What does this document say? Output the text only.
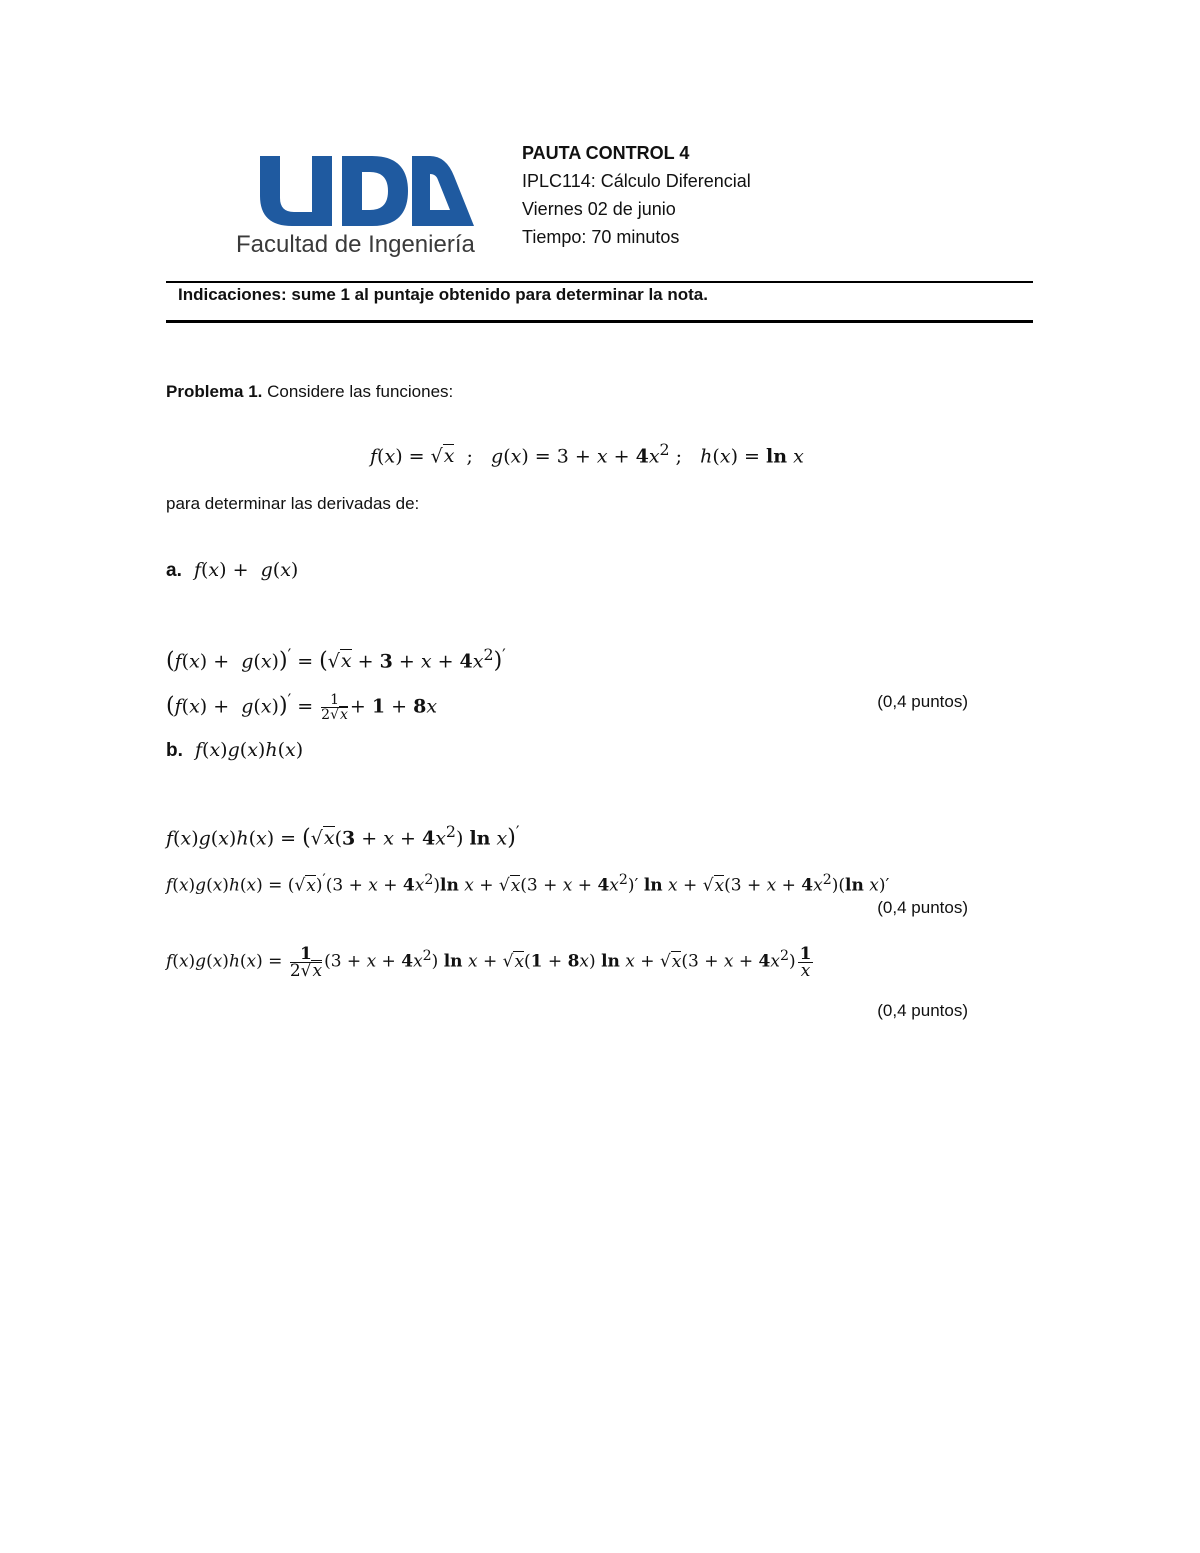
Facultad de Ingeniería
PAUTA CONTROL 4
IPLC114: Cálculo Diferencial
Viernes 02 de junio
Tiempo: 70 minutos
Indicaciones: sume 1 al puntaje obtenido para determinar la nota.
Problema 1. Considere las funciones:
f(x) = √x  ;   $g(x) = 3 + x + 4x^2$ ;   h(x) = ln x
para determinar las derivadas de:
a. f(x) +  g(x)
$(f(x) + g(x))' = (√x + 3 + x + 4x^2)'$
$(f(x) + g(x))' = \frac{1}{2√x} + 1 + 8x$	(0,4 puntos)
b. f(x)g(x)h(x)
$f(x)g(x)h(x) = (√x(3 + x + 4x^2)$ ln x)′
$f(x)g(x)h(x) = (√x)'(3 + x + 4x^2)\ln$ $x + √x(3 + x + 4x^2)'$ $\ln x + √x(3 + x + 4x^2)(\ln$ x)′
(0,4 puntos)
$f(x)g(x)h(x) = \frac{1}{2√x} (3 + x + 4x^2)$ ln x + √x(1 + 8x) $\ln x + √x(3 + x + 4x^2) \frac{1}{x}$
(0,4 puntos)
